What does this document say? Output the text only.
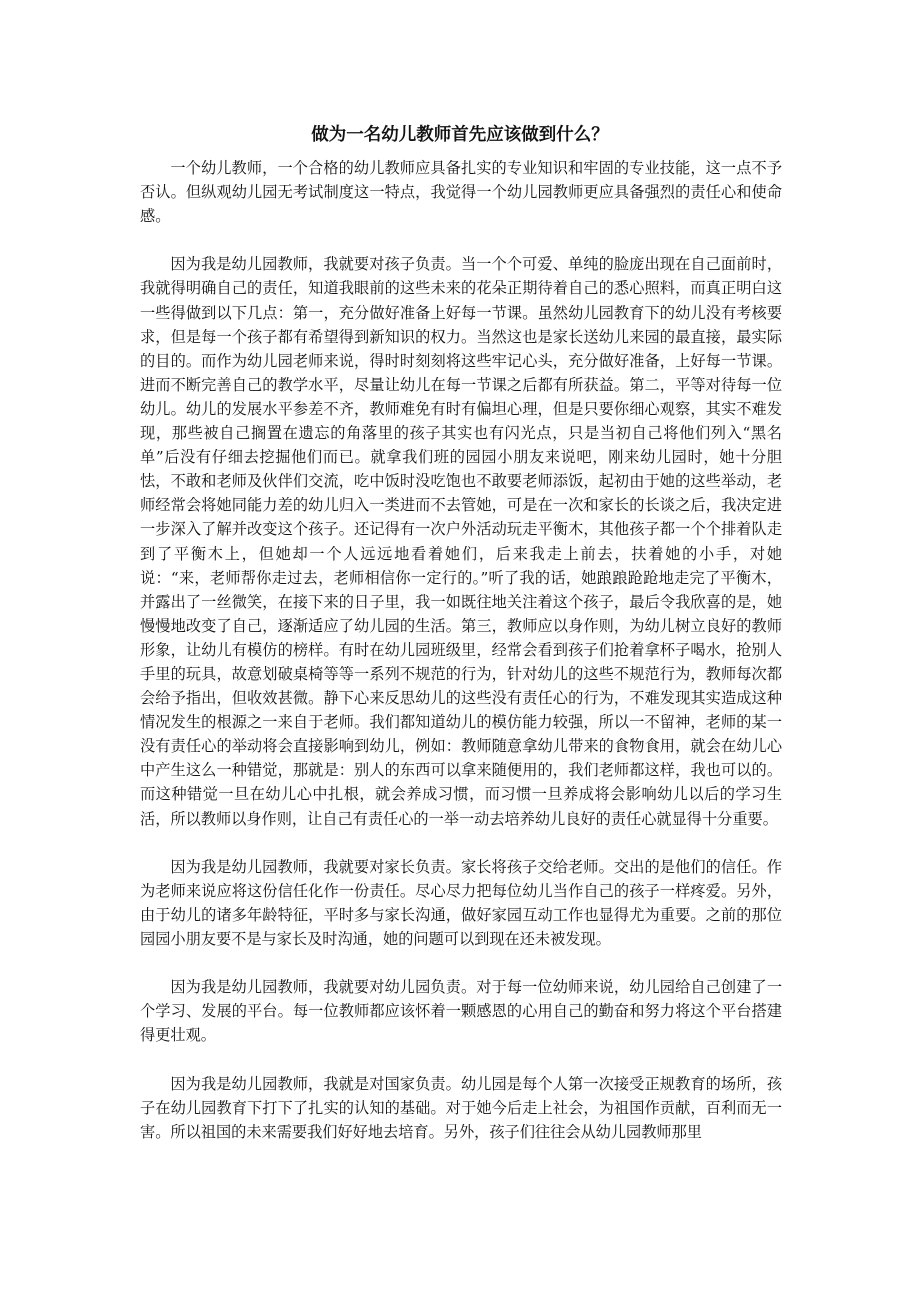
做为一名幼儿教师首先应该做到什么？

一个幼儿教师，一个合格的幼儿教师应具备扎实的专业知识和牢固的专业技能，这一点不予否认。但纵观幼儿园无考试制度这一特点，我觉得一个幼儿园教师更应具备强烈的责任心和使命感。

因为我是幼儿园教师，我就要对孩子负责。当一个个可爱、单纯的脸庞出现在自己面前时，我就得明确自己的责任，知道我眼前的这些未来的花朵正期待着自己的悉心照料，而真正明白这一些得做到以下几点：第一，充分做好准备上好每一节课。虽然幼儿园教育下的幼儿没有考核要求，但是每一个孩子都有希望得到新知识的权力。当然这也是家长送幼儿来园的最直接，最实际的目的。而作为幼儿园老师来说，得时时刻刻将这些牢记心头，充分做好准备，上好每一节课。进而不断完善自己的教学水平，尽量让幼儿在每一节课之后都有所获益。第二，平等对待每一位幼儿。幼儿的发展水平参差不齐，教师难免有时有偏坦心理，但是只要你细心观察，其实不难发现，那些被自己搁置在遗忘的角落里的孩子其实也有闪光点，只是当初自己将他们列入“黑名单”后没有仔细去挖掘他们而已。就拿我们班的园园小朋友来说吧，刚来幼儿园时，她十分胆怯，不敢和老师及伙伴们交流，吃中饭时没吃饱也不敢要老师添饭，起初由于她的这些举动，老师经常会将她同能力差的幼儿归入一类进而不去管她，可是在一次和家长的长谈之后，我决定进一步深入了解并改变这个孩子。还记得有一次户外活动玩走平衡木，其他孩子都一个个排着队走到了平衡木上，但她却一个人远远地看着她们，后来我走上前去，扶着她的小手，对她说：“来，老师帮你走过去，老师相信你一定行的。”听了我的话，她踉踉跄跄地走完了平衡木，并露出了一丝微笑，在接下来的日子里，我一如既往地关注着这个孩子，最后令我欣喜的是，她慢慢地改变了自己，逐渐适应了幼儿园的生活。第三，教师应以身作则，为幼儿树立良好的教师形象，让幼儿有模仿的榜样。有时在幼儿园班级里，经常会看到孩子们抢着拿杯子喝水，抢别人手里的玩具，故意划破桌椅等等一系列不规范的行为，针对幼儿的这些不规范行为，教师每次都会给予指出，但收效甚微。静下心来反思幼儿的这些没有责任心的行为，不难发现其实造成这种情况发生的根源之一来自于老师。我们都知道幼儿的模仿能力较强，所以一不留神，老师的某一没有责任心的举动将会直接影响到幼儿，例如：教师随意拿幼儿带来的食物食用，就会在幼儿心中产生这么一种错觉，那就是：别人的东西可以拿来随便用的，我们老师都这样，我也可以的。而这种错觉一旦在幼儿心中扎根，就会养成习惯，而习惯一旦养成将会影响幼儿以后的学习生活，所以教师以身作则，让自己有责任心的一举一动去培养幼儿良好的责任心就显得十分重要。

因为我是幼儿园教师，我就要对家长负责。家长将孩子交给老师。交出的是他们的信任。作为老师来说应将这份信任化作一份责任。尽心尽力把每位幼儿当作自己的孩子一样疼爱。另外，由于幼儿的诸多年龄特征，平时多与家长沟通，做好家园互动工作也显得尤为重要。之前的那位园园小朋友要不是与家长及时沟通，她的问题可以到现在还未被发现。

因为我是幼儿园教师，我就要对幼儿园负责。对于每一位幼师来说，幼儿园给自己创建了一个学习、发展的平台。每一位教师都应该怀着一颗感恩的心用自己的勤奋和努力将这个平台搭建得更壮观。

因为我是幼儿园教师，我就是对国家负责。幼儿园是每个人第一次接受正规教育的场所，孩子在幼儿园教育下打下了扎实的认知的基础。对于她今后走上社会，为祖国作贡献，百利而无一害。所以祖国的未来需要我们好好地去培育。另外，孩子们往往会从幼儿园教师那里
